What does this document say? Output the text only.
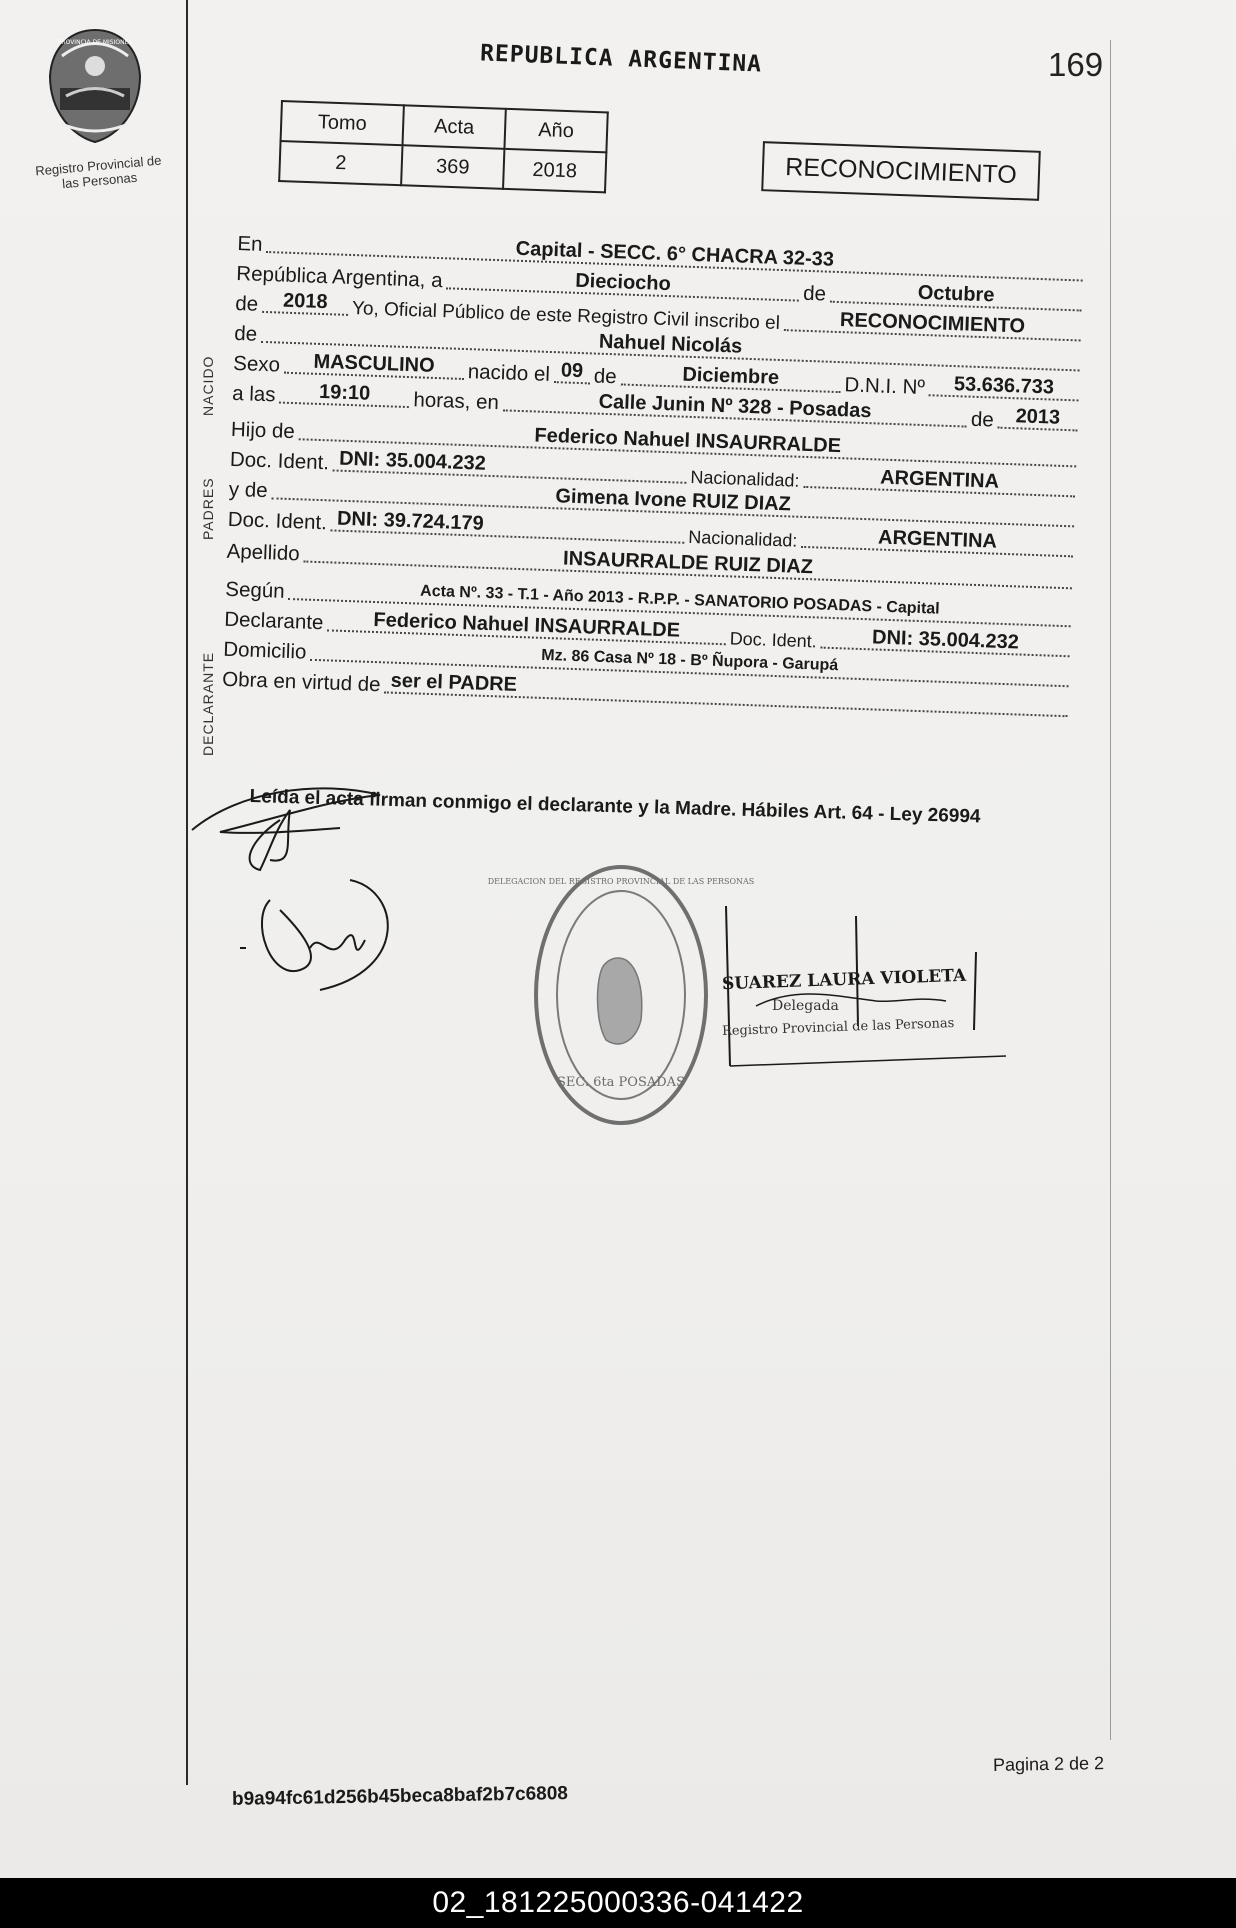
PROVINCIA DE MISIONES
Registro Provincial de las Personas
REPUBLICA ARGENTINA	169
Tomo	Acta	Año
2	369	2018	RECONOCIMIENTO
NACIDO
PADRES
DECLARANTE
En	Capital - SECC. 6° CHACRA 32-33
República Argentina, a	Dieciocho	de	Octubre
de	2018	Yo, Oficial Público de este Registro Civil inscribo el	RECONOCIMIENTO
de	Nahuel Nicolás
Sexo	MASCULINO	nacido el 09 de	Diciembre	D.N.I. Nº	53.636.733
a las	19:10	horas, en	Calle Junin Nº 328 - Posadas	de	2013
Hijo de	Federico Nahuel INSAURRALDE
Doc. Ident. DNI: 35.004.232
Nacionalidad:	ARGENTINA
y de	Gimena Ivone RUIZ DIAZ
Doc. Ident. DNI: 39.724.179
Nacionalidad:	ARGENTINA
Apellido	INSAURRALDE RUIZ DIAZ
Según	Acta Nº. 33 - T.1 - Año 2013 - R.P.P. - SANATORIO POSADAS - Capital
Declarante	Federico Nahuel INSAURRALDE	Doc. Ident.	DNI: 35.004.232
Domicilio	Mz. 86 Casa Nº 18 - Bº Ñupora - Garupá
Obra en virtud de ser el PADRE
Leída el acta firman conmigo el declarante y la Madre. Hábiles Art. 64 - Ley 26994
DELEGACION DEL REGISTRO PROVINCIAL DE LAS PERSONAS
SEC. 6ta POSADAS
SUAREZ LAURA VIOLETA
Delegada
Registro Provincial de las Personas
Pagina 2 de 2
b9a94fc61d256b45beca8baf2b7c6808
02_181225000336-041422
